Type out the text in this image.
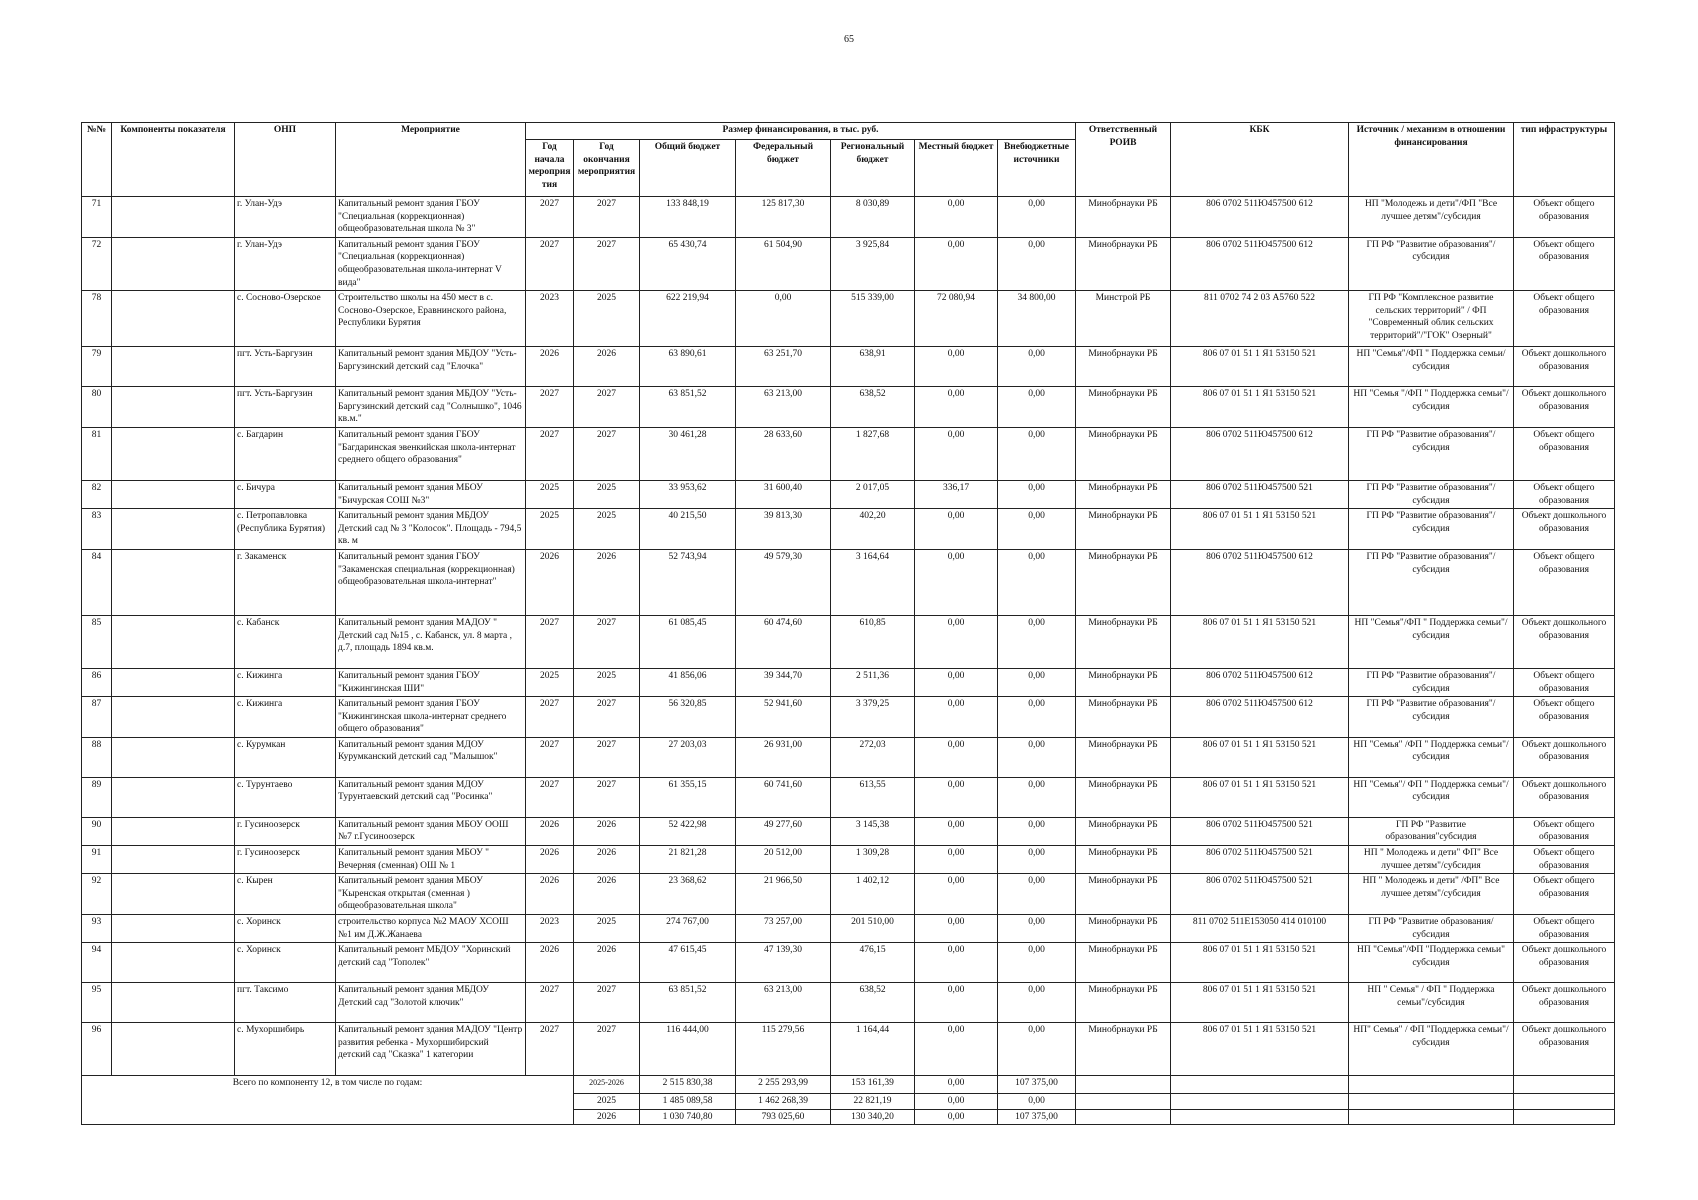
65
№№	Компоненты показателя	ОНП	Мероприятие	Размер финансирования, в тыс. руб.							Ответственный РОИВ	КБК	Источник / механизм в отношении финансирования	тип ифраструктуры
				Год начала мероприя тия	Год окончания мероприятия	Общий бюджет	Федеральный бюджет	Региональный бюджет	Местный бюджет	Внебюджетные источники				
71		г. Улан-Удэ	Капитальный ремонт здания ГБОУ "Специальная (коррекционная) общеобразовательная школа № 3"	2027	2027	133 848,19	125 817,30	8 030,89	0,00	0,00	Минобрнауки РБ	806 0702 511Ю457500 612	НП "Молодежь и дети"/ФП "Все лучшее детям"/субсидия	Объект общего образования
72		г. Улан-Удэ	Капитальный ремонт здания ГБОУ "Специальная (коррекционная) общеобразовательная школа-интернат V вида"	2027	2027	65 430,74	61 504,90	3 925,84	0,00	0,00	Минобрнауки РБ	806 0702 511Ю457500 612	ГП РФ "Развитие образования"/субсидия	Объект общего образования
78		с. Сосново-Озерское	Строительство школы на 450 мест в с. Сосново-Озерское, Еравнинского района, Республики Бурятия	2023	2025	622 219,94	0,00	515 339,00	72 080,94	34 800,00	Минстрой РБ	811 0702 74 2 03 А5760 522	ГП РФ "Комплексное развитие сельских территорий" / ФП "Современный облик сельских территорий"/"ГОК" Озерный"	Объект общего образования
79		пгт. Усть-Баргузин	Капитальный ремонт здания МБДОУ "Усть-Баргузинский детский сад "Елочка"	2026	2026	63 890,61	63 251,70	638,91	0,00	0,00	Минобрнауки РБ	806 07 01 51 1 Я1 53150 521	НП "Семья"/ФП " Поддержка семьи/ субсидия	Объект дошкольного образования
80		пгт. Усть-Баргузин	Капитальный ремонт здания МБДОУ "Усть-Баргузинский детский сад "Солнышко", 1046 кв.м."	2027	2027	63 851,52	63 213,00	638,52	0,00	0,00	Минобрнауки РБ	806 07 01 51 1 Я1 53150 521	НП "Семья "/ФП " Поддержка семьи"/субсидия	Объект дошкольного образования
81		с. Багдарин	Капитальный ремонт здания ГБОУ "Багдаринская эвенкийская школа-интернат среднего общего образования"	2027	2027	30 461,28	28 633,60	1 827,68	0,00	0,00	Минобрнауки РБ	806 0702 511Ю457500 612	ГП РФ "Развитие образования"/субсидия	Объект общего образования
82		с. Бичура	Капитальный ремонт здания МБОУ "Бичурская СОШ №3"	2025	2025	33 953,62	31 600,40	2 017,05	336,17	0,00	Минобрнауки РБ	806 0702 511Ю457500 521	ГП РФ "Развитие образования"/субсидия	Объект общего образования
83		с. Петропавловка (Республика Бурятия)	Капитальный ремонт здания МБДОУ Детский сад № 3 "Колосок". Площадь - 794,5 кв. м	2025	2025	40 215,50	39 813,30	402,20	0,00	0,00	Минобрнауки РБ	806 07 01 51 1 Я1 53150 521	ГП РФ "Развитие образования"/субсидия	Объект дошкольного образования
84		г. Закаменск	Капитальный ремонт здания ГБОУ "Закаменская специальная (коррекционная) общеобразовательная школа-интернат"	2026	2026	52 743,94	49 579,30	3 164,64	0,00	0,00	Минобрнауки РБ	806 0702 511Ю457500 612	ГП РФ "Развитие образования"/субсидия	Объект общего образования
85		с. Кабанск	Капитальный ремонт здания МАДОУ " Детский сад №15 , с. Кабанск, ул. 8 марта , д.7, площадь 1894 кв.м.	2027	2027	61 085,45	60 474,60	610,85	0,00	0,00	Минобрнауки РБ	806 07 01 51 1 Я1 53150 521	НП "Семья"/ФП " Поддержка семьи"/субсидия	Объект дошкольного образования
86		с. Кижинга	Капитальный ремонт здания ГБОУ "Кижингинская ШИ"	2025	2025	41 856,06	39 344,70	2 511,36	0,00	0,00	Минобрнауки РБ	806 0702 511Ю457500 612	ГП РФ "Развитие образования"/субсидия	Объект общего образования
87		с. Кижинга	Капитальный ремонт здания ГБОУ "Кижингинская школа-интернат среднего общего образования"	2027	2027	56 320,85	52 941,60	3 379,25	0,00	0,00	Минобрнауки РБ	806 0702 511Ю457500 612	ГП РФ "Развитие образования"/субсидия	Объект общего образования
88		с. Курумкан	Капитальный ремонт здания МДОУ Курумканский детский сад "Малышок"	2027	2027	27 203,03	26 931,00	272,03	0,00	0,00	Минобрнауки РБ	806 07 01 51 1 Я1 53150 521	НП "Семья" /ФП " Поддержка семьи"/субсидия	Объект дошкольного образования
89		с. Турунтаево	Капитальный ремонт здания МДОУ Турунтаевский детский сад "Росинка"	2027	2027	61 355,15	60 741,60	613,55	0,00	0,00	Минобрнауки РБ	806 07 01 51 1 Я1 53150 521	НП "Семья"/ ФП " Поддержка семьи"/субсидия	Объект дошкольного образования
90		г. Гусиноозерск	Капитальный ремонт здания МБОУ ООШ №7 г.Гусиноозерск	2026	2026	52 422,98	49 277,60	3 145,38	0,00	0,00	Минобрнауки РБ	806 0702 511Ю457500 521	ГП РФ "Развитие образования"субсидия	Объект общего образования
91		г. Гусиноозерск	Капитальный ремонт здания МБОУ " Вечерняя (сменная) ОШ № 1	2026	2026	21 821,28	20 512,00	1 309,28	0,00	0,00	Минобрнауки РБ	806 0702 511Ю457500 521	НП " Молодежь и дети" ФП" Все лучшее детям"/субсидия	Объект общего образования
92		с. Кырен	Капитальный ремонт здания МБОУ "Кыренская открытая (сменная ) общеобразовательная школа"	2026	2026	23 368,62	21 966,50	1 402,12	0,00	0,00	Минобрнауки РБ	806 0702 511Ю457500 521	НП " Молодежь и дети" /ФП" Все лучшее детям"/субсидия	Объект общего образования
93		с. Хоринск	строительство корпуса №2 МАОУ ХСОШ №1 им Д.Ж.Жанаева	2023	2025	274 767,00	73 257,00	201 510,00	0,00	0,00	Минобрнауки РБ	811 0702 511Е153050 414 010100	ГП РФ "Развитие образования/субсидия	Объект общего образования
94		с. Хоринск	Капитальный ремонт МБДОУ "Хоринский детский сад "Тополек"	2026	2026	47 615,45	47 139,30	476,15	0,00	0,00	Минобрнауки РБ	806 07 01 51 1 Я1 53150 521	НП "Семья"/ФП "Поддержка семьи" субсидия	Объект дошкольного образования
95		пгт. Таксимо	Капитальный ремонт здания МБДОУ Детский сад "Золотой ключик"	2027	2027	63 851,52	63 213,00	638,52	0,00	0,00	Минобрнауки РБ	806 07 01 51 1 Я1 53150 521	НП " Семья" / ФП " Поддержка семьи"/субсидия	Объект дошкольного образования
96		с. Мухоршибирь	Капитальный ремонт здания МАДОУ "Центр развития ребенка - Мухоршибирский детский сад "Сказка" 1 категории	2027	2027	116 444,00	115 279,56	1 164,44	0,00	0,00	Минобрнауки РБ	806 07 01 51 1 Я1 53150 521	НП" Семья" / ФП "Поддержка семьи"/субсидия	Объект дошкольного образования
Всего по компоненту 12, в том числе по годам:					2025-2026	2 515 830,38	2 255 293,99	153 161,39	0,00	107 375,00				
					2025	1 485 089,58	1 462 268,39	22 821,19	0,00	0,00				
					2026	1 030 740,80	793 025,60	130 340,20	0,00	107 375,00				
